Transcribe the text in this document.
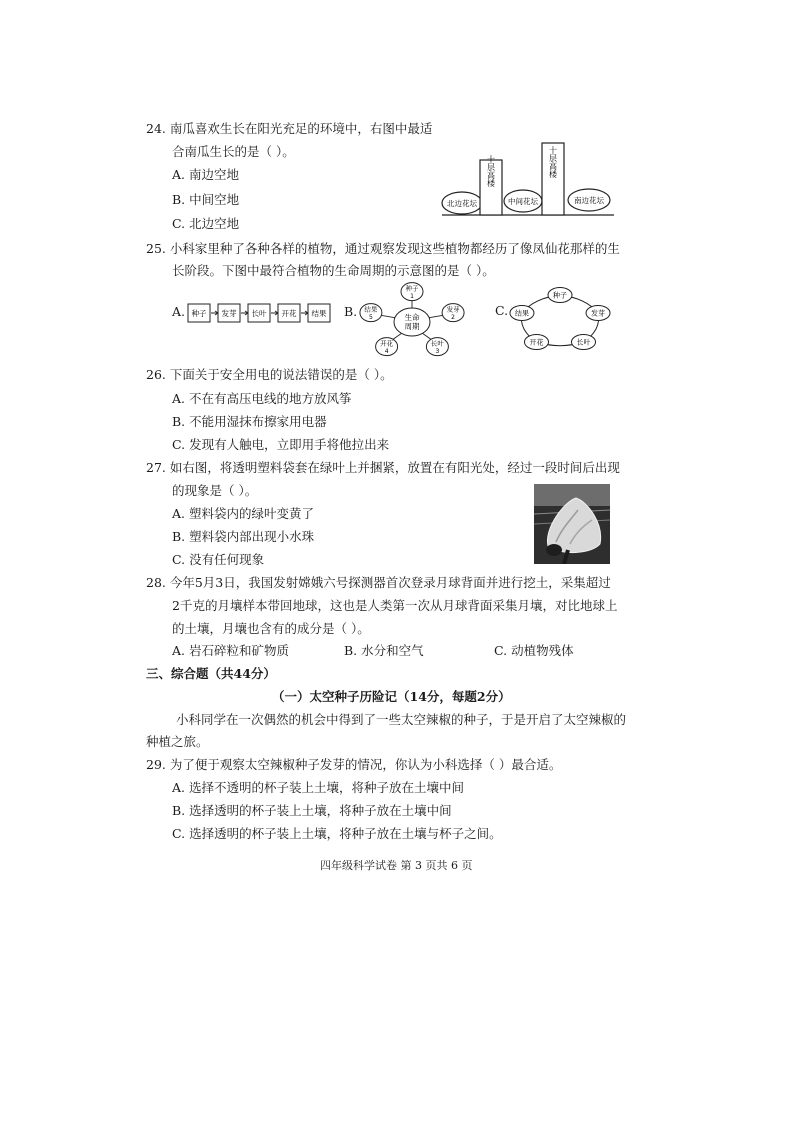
24. 南瓜喜欢生长在阳光充足的环境中，右图中最适
合南瓜生长的是（ ）。
A. 南边空地
B. 中间空地
C. 北边空地
北边花坛
十层高楼
中间花坛
十层高楼
南边花坛
25. 小科家里种了各种各样的植物，通过观察发现这些植物都经历了像凤仙花那样的生
长阶段。下图中最符合植物的生命周期的示意图的是（ ）。
A. 种子 发芽 长叶 开花 结果 B.	生命
周期
种子
1
发芽
2
长叶
3
开花
4
结果
5	C.
种子
发芽
长叶
开花
结果
26. 下面关于安全用电的说法错误的是（ ）。
A. 不在有高压电线的地方放风筝
B. 不能用湿抹布擦家用电器
C. 发现有人触电，立即用手将他拉出来
27. 如右图，将透明塑料袋套在绿叶上并捆紧，放置在有阳光处，经过一段时间后出现
的现象是（ ）。
A. 塑料袋内的绿叶变黄了
B. 塑料袋内部出现小水珠
C. 没有任何现象
28. 今年5月3日，我国发射嫦娥六号探测器首次登录月球背面并进行挖土，采集超过
2千克的月壤样本带回地球，这也是人类第一次从月球背面采集月壤，对比地球上
的土壤，月壤也含有的成分是（ ）。
A. 岩石碎粒和矿物质	B. 水分和空气	C. 动植物残体
三、综合题（共44分）
（一）太空种子历险记（14分，每题2分）
小科同学在一次偶然的机会中得到了一些太空辣椒的种子，于是开启了太空辣椒的
种植之旅。
29. 为了便于观察太空辣椒种子发芽的情况，你认为小科选择（ ）最合适。
A. 选择不透明的杯子装上土壤，将种子放在土壤中间
B. 选择透明的杯子装上土壤，将种子放在土壤中间
C. 选择透明的杯子装上土壤，将种子放在土壤与杯子之间。
四年级科学试卷 第 3 页共 6 页
